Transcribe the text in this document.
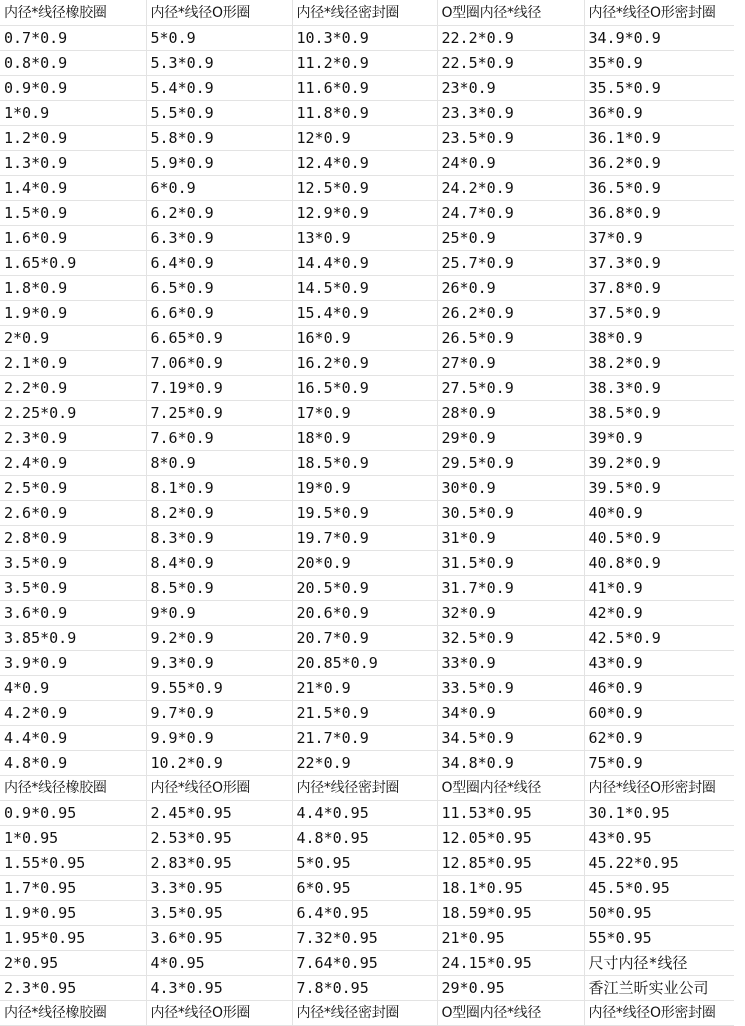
内径*线径橡胶圈	内径*线径O形圈	内径*线径密封圈	O型圈内径*线径	内径*线径O形密封圈
0.7*0.9	5*0.9	10.3*0.9	22.2*0.9	34.9*0.9
0.8*0.9	5.3*0.9	11.2*0.9	22.5*0.9	35*0.9
0.9*0.9	5.4*0.9	11.6*0.9	23*0.9	35.5*0.9
1*0.9	5.5*0.9	11.8*0.9	23.3*0.9	36*0.9
1.2*0.9	5.8*0.9	12*0.9	23.5*0.9	36.1*0.9
1.3*0.9	5.9*0.9	12.4*0.9	24*0.9	36.2*0.9
1.4*0.9	6*0.9	12.5*0.9	24.2*0.9	36.5*0.9
1.5*0.9	6.2*0.9	12.9*0.9	24.7*0.9	36.8*0.9
1.6*0.9	6.3*0.9	13*0.9	25*0.9	37*0.9
1.65*0.9	6.4*0.9	14.4*0.9	25.7*0.9	37.3*0.9
1.8*0.9	6.5*0.9	14.5*0.9	26*0.9	37.8*0.9
1.9*0.9	6.6*0.9	15.4*0.9	26.2*0.9	37.5*0.9
2*0.9	6.65*0.9	16*0.9	26.5*0.9	38*0.9
2.1*0.9	7.06*0.9	16.2*0.9	27*0.9	38.2*0.9
2.2*0.9	7.19*0.9	16.5*0.9	27.5*0.9	38.3*0.9
2.25*0.9	7.25*0.9	17*0.9	28*0.9	38.5*0.9
2.3*0.9	7.6*0.9	18*0.9	29*0.9	39*0.9
2.4*0.9	8*0.9	18.5*0.9	29.5*0.9	39.2*0.9
2.5*0.9	8.1*0.9	19*0.9	30*0.9	39.5*0.9
2.6*0.9	8.2*0.9	19.5*0.9	30.5*0.9	40*0.9
2.8*0.9	8.3*0.9	19.7*0.9	31*0.9	40.5*0.9
3.5*0.9	8.4*0.9	20*0.9	31.5*0.9	40.8*0.9
3.5*0.9	8.5*0.9	20.5*0.9	31.7*0.9	41*0.9
3.6*0.9	9*0.9	20.6*0.9	32*0.9	42*0.9
3.85*0.9	9.2*0.9	20.7*0.9	32.5*0.9	42.5*0.9
3.9*0.9	9.3*0.9	20.85*0.9	33*0.9	43*0.9
4*0.9	9.55*0.9	21*0.9	33.5*0.9	46*0.9
4.2*0.9	9.7*0.9	21.5*0.9	34*0.9	60*0.9
4.4*0.9	9.9*0.9	21.7*0.9	34.5*0.9	62*0.9
4.8*0.9	10.2*0.9	22*0.9	34.8*0.9	75*0.9
内径*线径橡胶圈	内径*线径O形圈	内径*线径密封圈	O型圈内径*线径	内径*线径O形密封圈
0.9*0.95	2.45*0.95	4.4*0.95	11.53*0.95	30.1*0.95
1*0.95	2.53*0.95	4.8*0.95	12.05*0.95	43*0.95
1.55*0.95	2.83*0.95	5*0.95	12.85*0.95	45.22*0.95
1.7*0.95	3.3*0.95	6*0.95	18.1*0.95	45.5*0.95
1.9*0.95	3.5*0.95	6.4*0.95	18.59*0.95	50*0.95
1.95*0.95	3.6*0.95	7.32*0.95	21*0.95	55*0.95
2*0.95	4*0.95	7.64*0.95	24.15*0.95	尺寸内径*线径
2.3*0.95	4.3*0.95	7.8*0.95	29*0.95	香江兰昕实业公司
内径*线径橡胶圈	内径*线径O形圈	内径*线径密封圈	O型圈内径*线径	内径*线径O形密封圈
